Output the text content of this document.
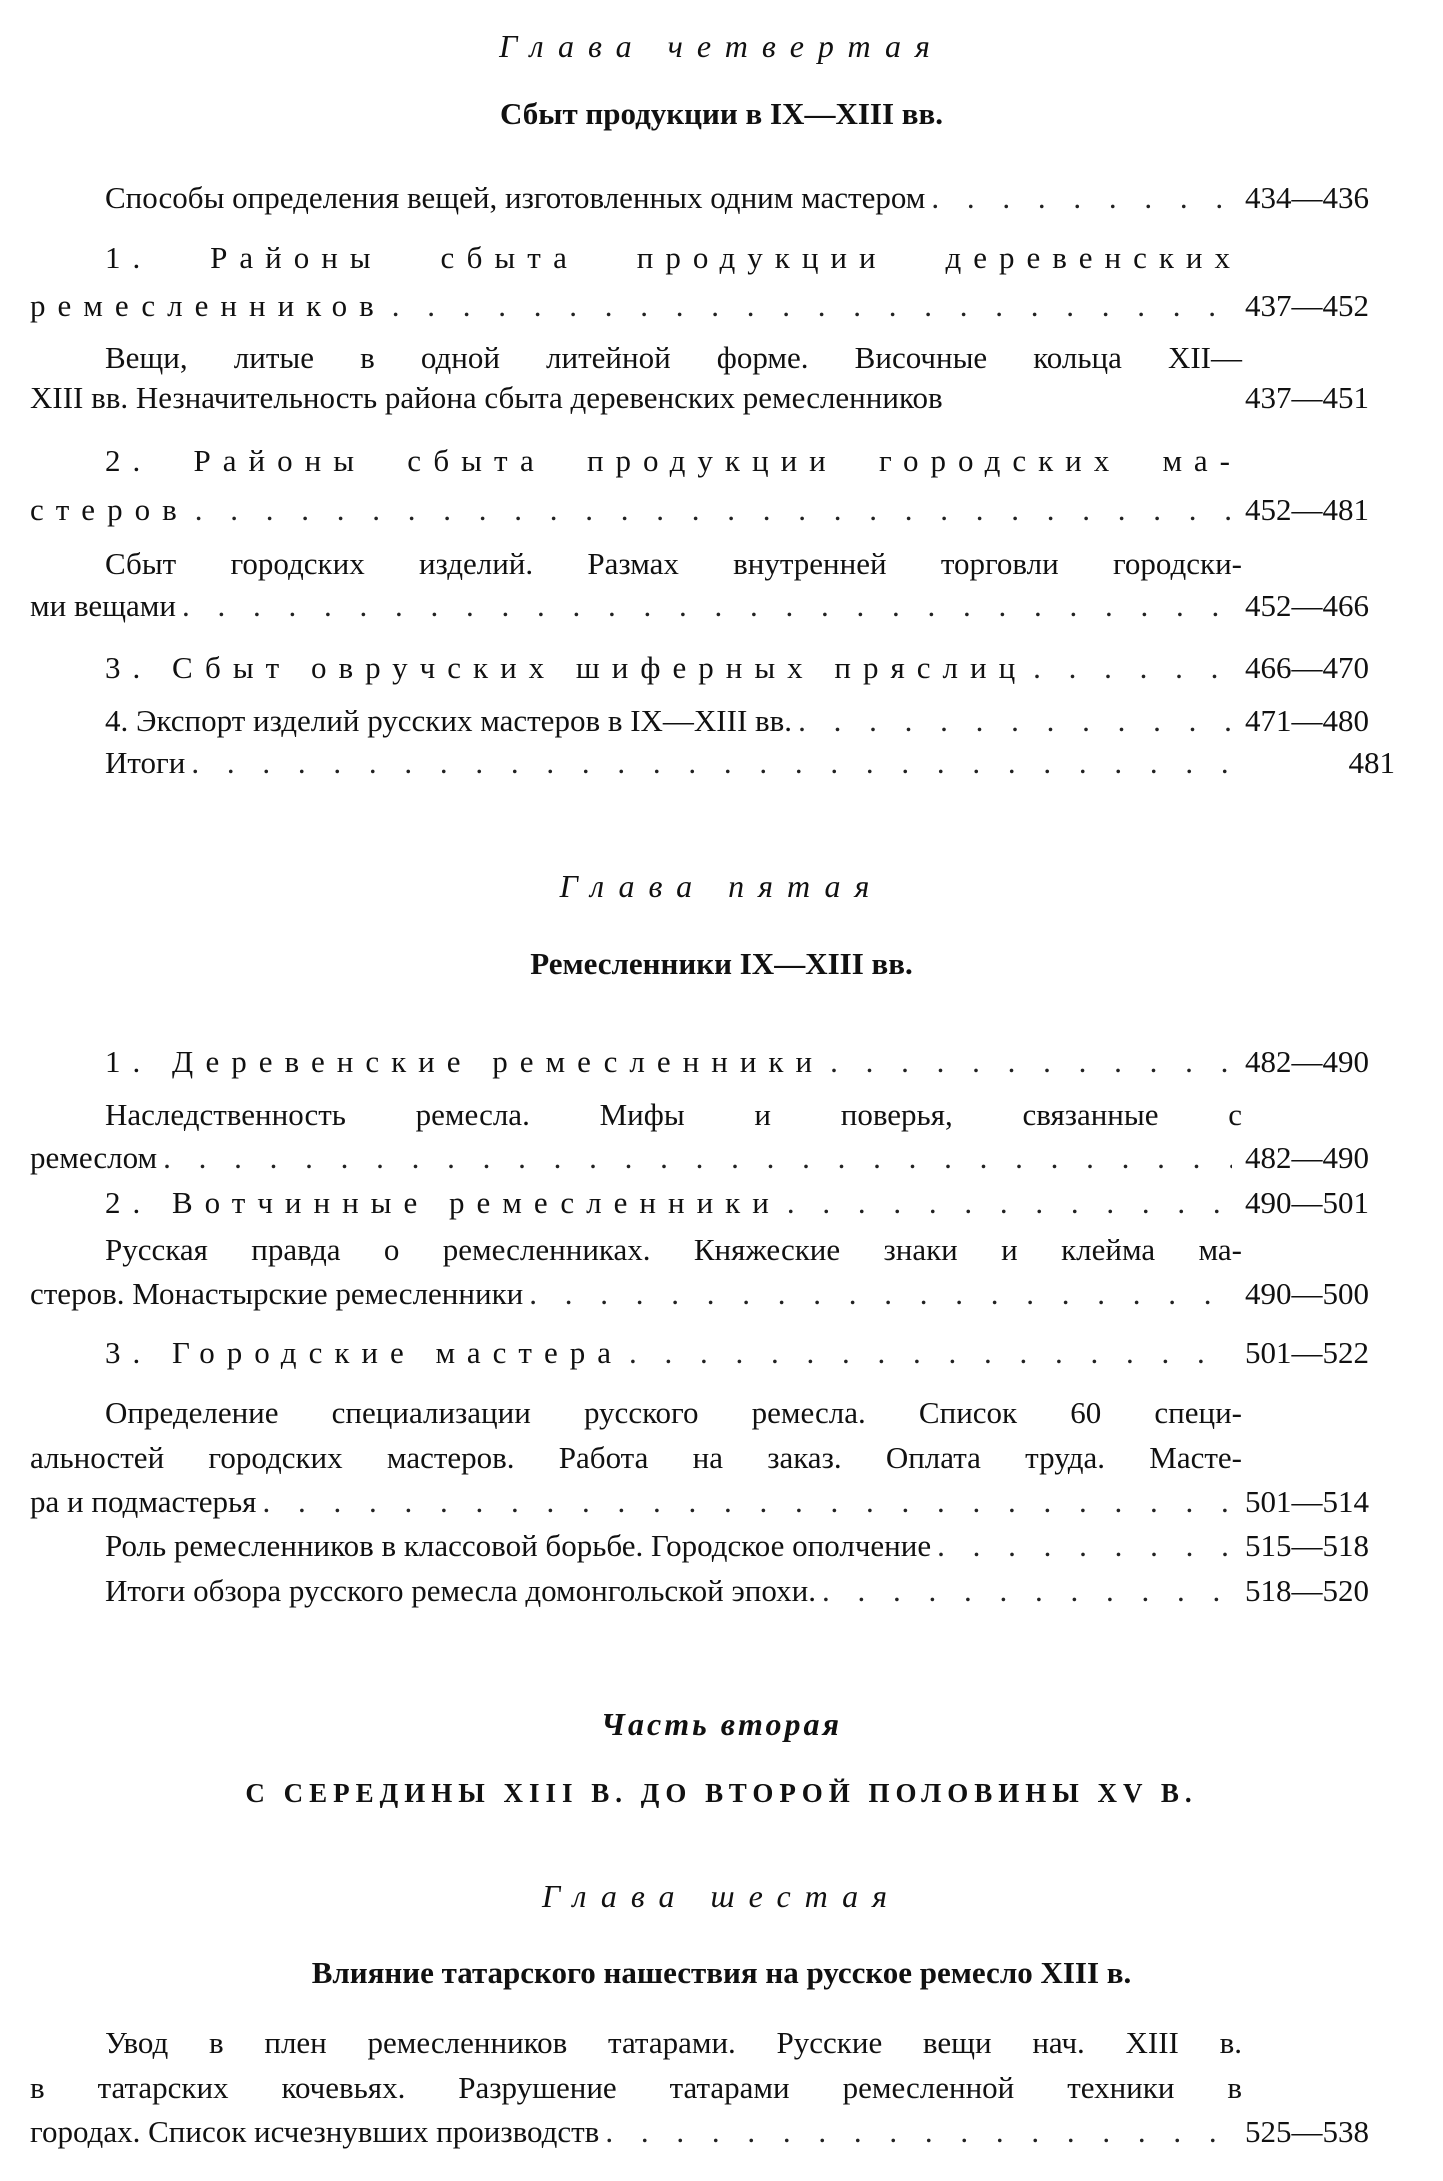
Глава четвертая
Сбыт продукции в IX—XIII вв.
Способы определения вещей, изготовленных одним мастером . . .	434—436
1. Районы сбыта продукции деревенских
ремесленников . . .	437—452
Вещи, литые в одной литейной форме. Височные кольца XII—
XIII вв. Незначительность района сбыта деревенских ремесленников	437—451
2. Районы сбыта продукции городских ма-
стеров . . .	452—481
Сбыт городских изделий. Размах внутренней торговли городски-
ми вещами . . .	452—466
3. Сбыт овручских шиферных пряслиц . . .	466—470
4. Экспорт изделий русских мастеров в IX—XIII вв. . . .	471—480
Итоги . . .	481
Глава пятая
Ремесленники IX—XIII вв.
1. Деревенские ремесленники . . .	482—490
Наследственность ремесла. Мифы и поверья, связанные с
ремеслом . . .	482—490
2. Вотчинные ремесленники . . .	490—501
Русская правда о ремесленниках. Княжеские знаки и клейма ма-
стеров. Монастырские ремесленники . . .	490—500
3. Городские мастера . . .	501—522
Определение специализации русского ремесла. Список 60 специ-
альностей городских мастеров. Работа на заказ. Оплата труда. Масте-
ра и подмастерья . . .	501—514
Роль ремесленников в классовой борьбе. Городское ополчение . . .	515—518
Итоги обзора русского ремесла домонгольской эпохи. . . .	518—520
Часть вторая
С СЕРЕДИНЫ XIII В. ДО ВТОРОЙ ПОЛОВИНЫ XV В.
Глава шестая
Влияние татарского нашествия на русское ремесло XIII в.
Увод в плен ремесленников татарами. Русские вещи нач. XIII в.
в татарских кочевьях. Разрушение татарами ремесленной техники в
городах. Список исчезнувших производств . . .	525—538
